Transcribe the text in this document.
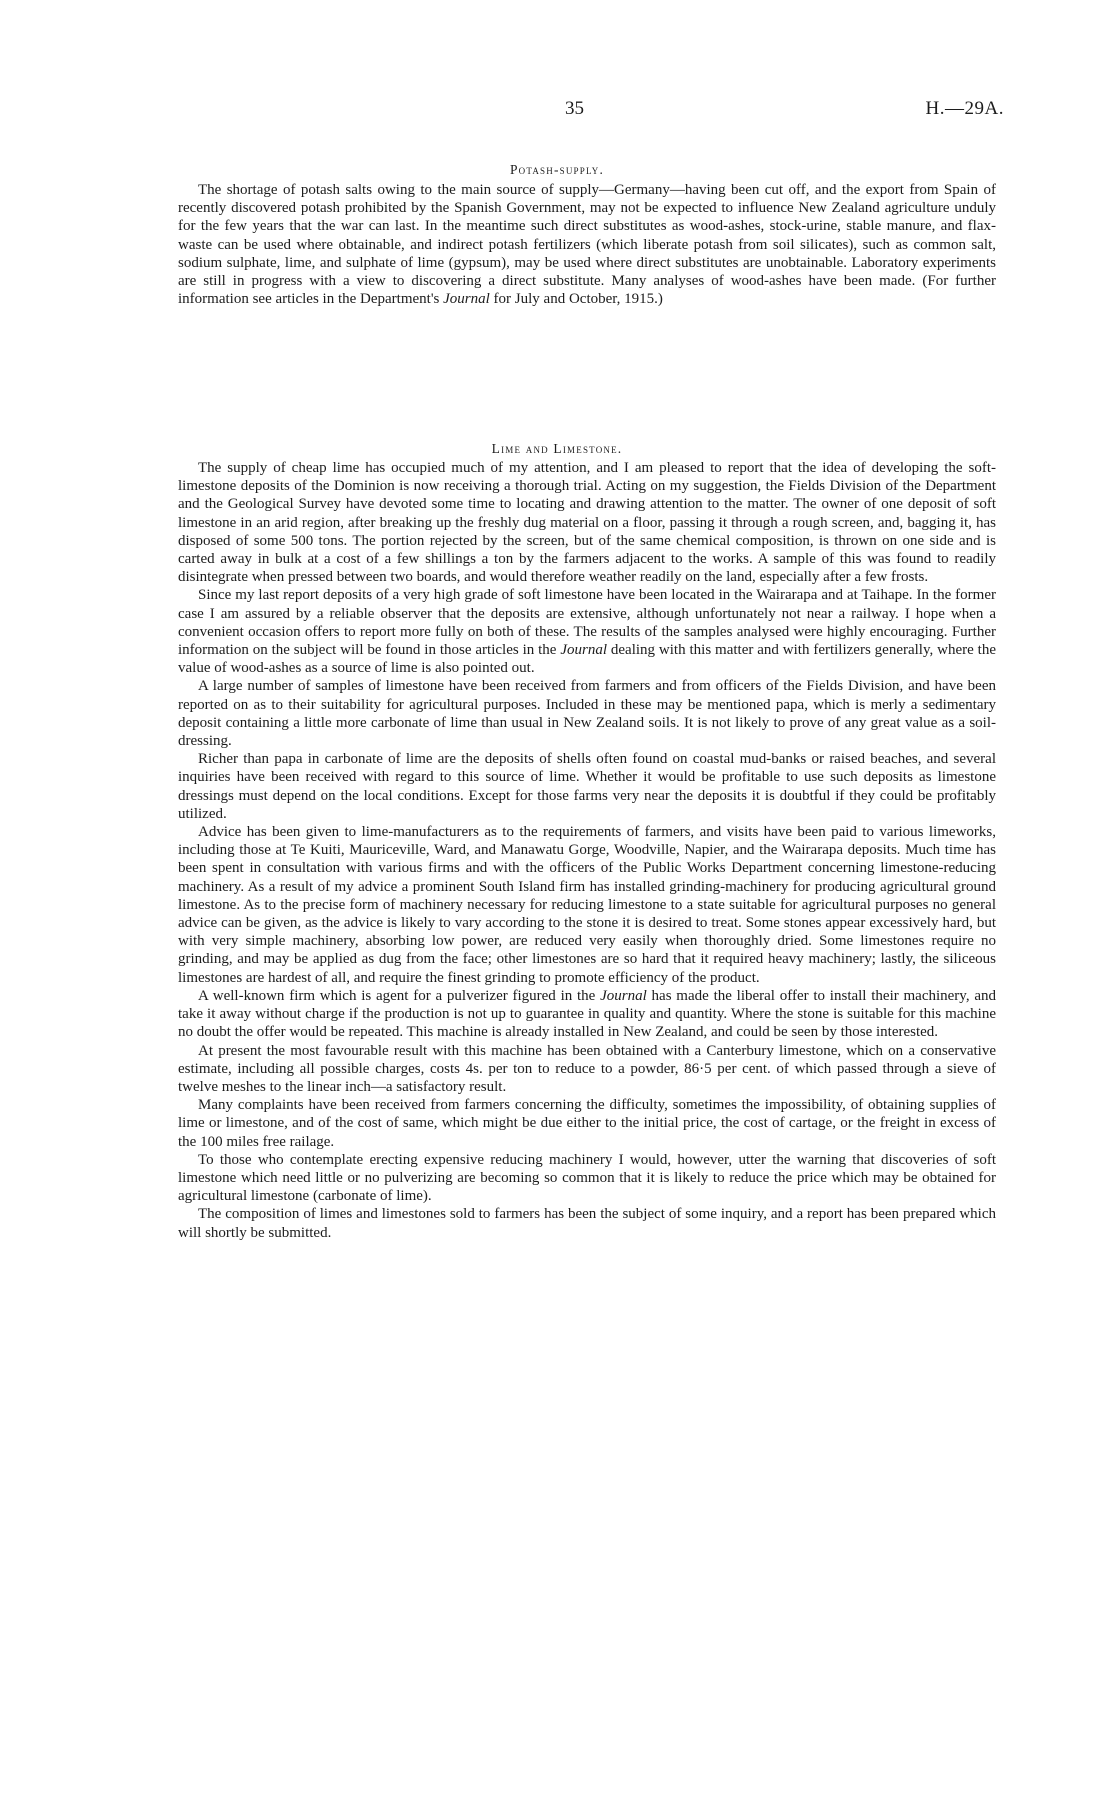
35	H.—29A.
Potash-supply.

The shortage of potash salts owing to the main source of supply—Germany—having been cut off, and the export from Spain of recently discovered potash prohibited by the Spanish Government, may not be expected to influence New Zealand agriculture unduly for the few years that the war can last. In the meantime such direct substitutes as wood-ashes, stock-urine, stable manure, and flax-waste can be used where obtainable, and indirect potash fertilizers (which liberate potash from soil silicates), such as common salt, sodium sulphate, lime, and sulphate of lime (gypsum), may be used where direct substitutes are unobtainable. Laboratory experiments are still in progress with a view to discovering a direct substitute. Many analyses of wood-ashes have been made. (For further information see articles in the Department's Journal for July and October, 1915.)

Lime and Limestone.

The supply of cheap lime has occupied much of my attention, and I am pleased to report that the idea of developing the soft-limestone deposits of the Dominion is now receiving a thorough trial. Acting on my suggestion, the Fields Division of the Department and the Geological Survey have devoted some time to locating and drawing attention to the matter. The owner of one deposit of soft limestone in an arid region, after breaking up the freshly dug material on a floor, passing it through a rough screen, and, bagging it, has disposed of some 500 tons. The portion rejected by the screen, but of the same chemical composition, is thrown on one side and is carted away in bulk at a cost of a few shillings a ton by the farmers adjacent to the works. A sample of this was found to readily disintegrate when pressed between two boards, and would therefore weather readily on the land, especially after a few frosts.

Since my last report deposits of a very high grade of soft limestone have been located in the Wairarapa and at Taihape. In the former case I am assured by a reliable observer that the deposits are extensive, although unfortunately not near a railway. I hope when a convenient occasion offers to report more fully on both of these. The results of the samples analysed were highly encouraging. Further information on the subject will be found in those articles in the Journal dealing with this matter and with fertilizers generally, where the value of wood-ashes as a source of lime is also pointed out.

A large number of samples of limestone have been received from farmers and from officers of the Fields Division, and have been reported on as to their suitability for agricultural purposes. Included in these may be mentioned papa, which is merly a sedimentary deposit containing a little more carbonate of lime than usual in New Zealand soils. It is not likely to prove of any great value as a soil-dressing.

Richer than papa in carbonate of lime are the deposits of shells often found on coastal mud-banks or raised beaches, and several inquiries have been received with regard to this source of lime. Whether it would be profitable to use such deposits as limestone dressings must depend on the local conditions. Except for those farms very near the deposits it is doubtful if they could be profitably utilized.

Advice has been given to lime-manufacturers as to the requirements of farmers, and visits have been paid to various limeworks, including those at Te Kuiti, Mauriceville, Ward, and Manawatu Gorge, Woodville, Napier, and the Wairarapa deposits. Much time has been spent in consultation with various firms and with the officers of the Public Works Department concerning limestone-reducing machinery. As a result of my advice a prominent South Island firm has installed grinding-machinery for producing agricultural ground limestone. As to the precise form of machinery necessary for reducing limestone to a state suitable for agricultural purposes no general advice can be given, as the advice is likely to vary according to the stone it is desired to treat. Some stones appear excessively hard, but with very simple machinery, absorbing low power, are reduced very easily when thoroughly dried. Some limestones require no grinding, and may be applied as dug from the face; other limestones are so hard that it required heavy machinery; lastly, the siliceous limestones are hardest of all, and require the finest grinding to promote efficiency of the product.

A well-known firm which is agent for a pulverizer figured in the Journal has made the liberal offer to install their machinery, and take it away without charge if the production is not up to guarantee in quality and quantity. Where the stone is suitable for this machine no doubt the offer would be repeated. This machine is already installed in New Zealand, and could be seen by those interested.

At present the most favourable result with this machine has been obtained with a Canterbury limestone, which on a conservative estimate, including all possible charges, costs 4s. per ton to reduce to a powder, 86·5 per cent. of which passed through a sieve of twelve meshes to the linear inch—a satisfactory result.

Many complaints have been received from farmers concerning the difficulty, sometimes the impossibility, of obtaining supplies of lime or limestone, and of the cost of same, which might be due either to the initial price, the cost of cartage, or the freight in excess of the 100 miles free railage.

To those who contemplate erecting expensive reducing machinery I would, however, utter the warning that discoveries of soft limestone which need little or no pulverizing are becoming so common that it is likely to reduce the price which may be obtained for agricultural limestone (carbonate of lime).

The composition of limes and limestones sold to farmers has been the subject of some inquiry, and a report has been prepared which will shortly be submitted.
